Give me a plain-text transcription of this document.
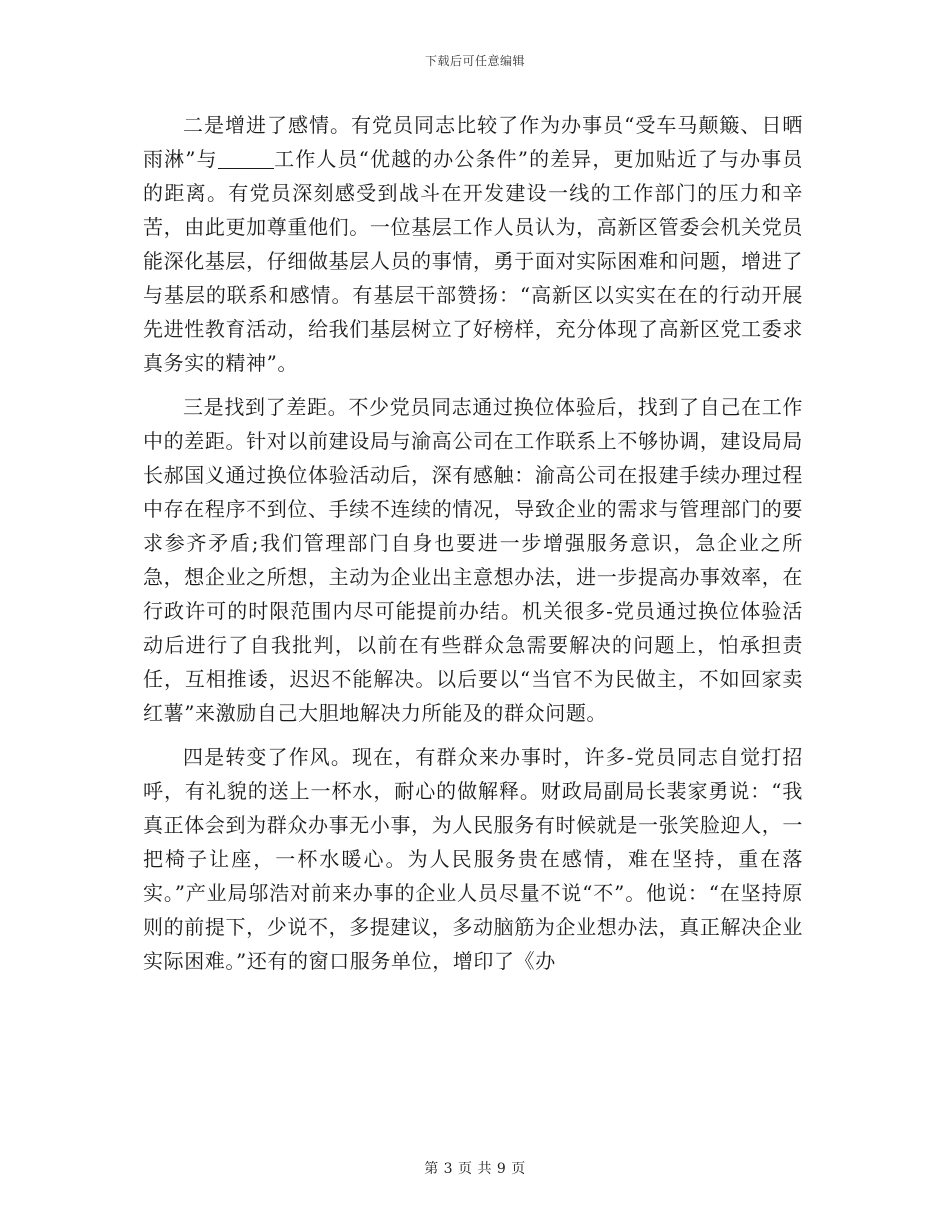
下载后可任意编辑

二是增进了感情。有党员同志比较了作为办事员“受车马颠簸、日晒雨淋”与	工作人员“优越的办公条件”的差异，更加贴近了与办事员的距离。有党员深刻感受到战斗在开发建设一线的工作部门的压力和辛苦，由此更加尊重他们。一位基层工作人员认为，高新区管委会机关党员能深化基层，仔细做基层人员的事情，勇于面对实际困难和问题，增进了与基层的联系和感情。有基层干部赞扬：“高新区以实实在在的行动开展先进性教育活动，给我们基层树立了好榜样，充分体现了高新区党工委求真务实的精神”。

三是找到了差距。不少党员同志通过换位体验后，找到了自己在工作中的差距。针对以前建设局与渝高公司在工作联系上不够协调，建设局局长郝国义通过换位体验活动后，深有感触：渝高公司在报建手续办理过程中存在程序不到位、手续不连续的情况，导致企业的需求与管理部门的要求参齐矛盾;我们管理部门自身也要进一步增强服务意识，急企业之所急，想企业之所想，主动为企业出主意想办法，进一步提高办事效率，在行政许可的时限范围内尽可能提前办结。机关很多-党员通过换位体验活动后进行了自我批判，以前在有些群众急需要解决的问题上，怕承担责任，互相推诿，迟迟不能解决。以后要以“当官不为民做主，不如回家卖红薯”来激励自己大胆地解决力所能及的群众问题。

四是转变了作风。现在，有群众来办事时，许多-党员同志自觉打招呼，有礼貌的送上一杯水，耐心的做解释。财政局副局长裴家勇说：“我真正体会到为群众办事无小事，为人民服务有时候就是一张笑脸迎人，一把椅子让座，一杯水暖心。为人民服务贵在感情，难在坚持，重在落实。”产业局邬浩对前来办事的企业人员尽量不说“不”。他说：“在坚持原则的前提下，少说不，多提建议，多动脑筋为企业想办法，真正解决企业实际困难。”还有的窗口服务单位，增印了《办

第 3 页 共 9 页
